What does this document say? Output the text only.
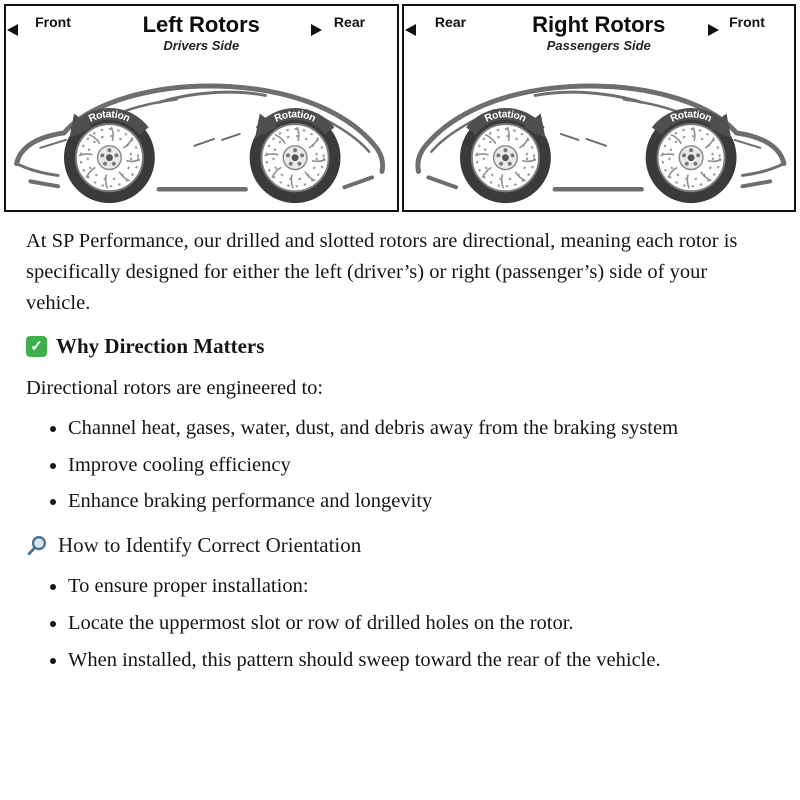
Front	Left Rotors
Drivers Side
Rear
Rotation	Rotation
Rear	Right Rotors
Passengers Side
Front
Rotation	Rotation

At SP Performance, our drilled and slotted rotors are directional, meaning each rotor is specifically designed for either the left (driver’s) or right (passenger’s) side of your vehicle.

✓
Why Direction Matters

Directional rotors are engineered to:

• Channel heat, gases, water, dust, and debris away from the braking system
• Improve cooling efficiency
• Enhance braking performance and longevity
How to Identify Correct Orientation
• To ensure proper installation:
• Locate the uppermost slot or row of drilled holes on the rotor.
• When installed, this pattern should sweep toward the rear of the vehicle.
